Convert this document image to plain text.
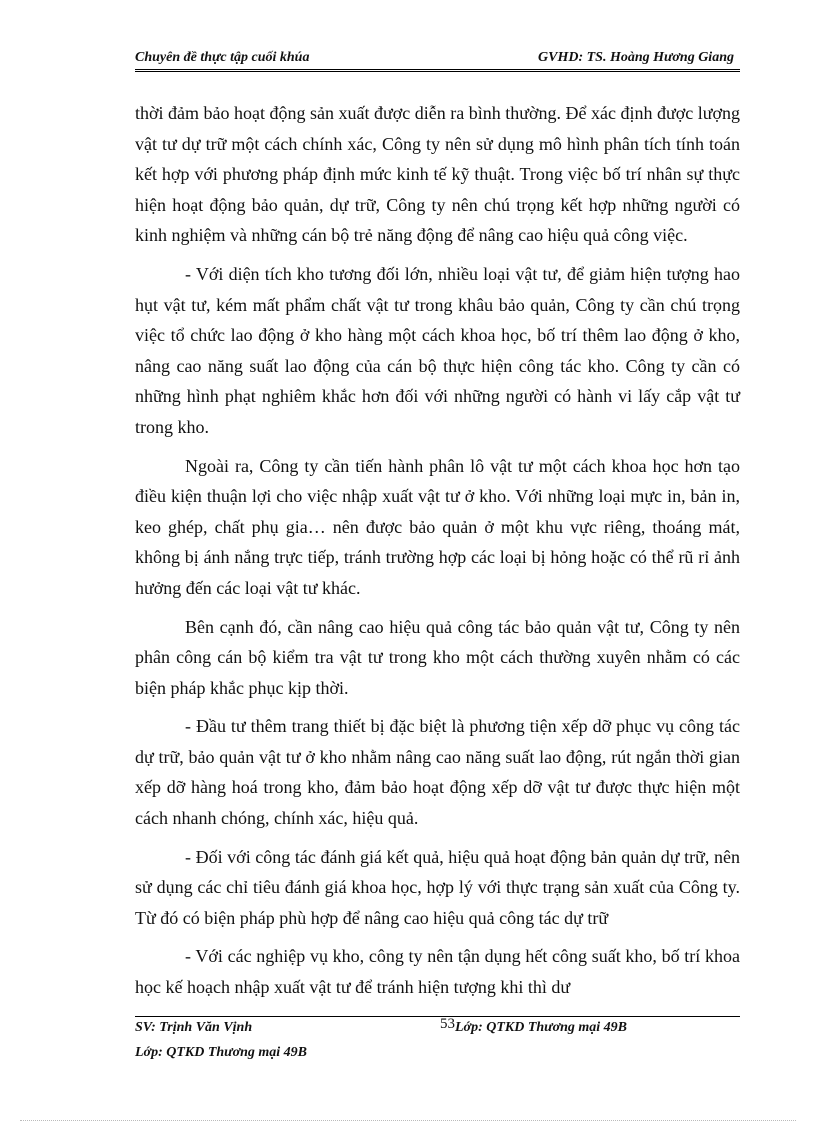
Chuyên đề thực tập cuối khúa	GVHD: TS. Hoàng Hương Giang

thời đảm bảo hoạt động sản xuất được diễn ra bình thường. Để xác định được lượng vật tư dự trữ một cách chính xác, Công ty nên sử dụng mô hình phân tích tính toán kết hợp với phương pháp định mức kinh tế kỹ thuật. Trong việc bố trí nhân sự thực hiện hoạt động bảo quản, dự trữ, Công ty nên chú trọng kết hợp những người có kinh nghiệm và những cán bộ trẻ năng động để nâng cao hiệu quả công việc.

- Với diện tích kho tương đối lớn, nhiều loại vật tư, để giảm hiện tượng hao hụt vật tư, kém mất phẩm chất vật tư trong khâu bảo quản, Công ty cần chú trọng việc tổ chức lao động ở kho hàng một cách khoa học, bố trí thêm lao động ở kho, nâng cao năng suất lao động của cán bộ thực hiện công tác kho. Công ty cần có những hình phạt nghiêm khắc hơn đối với những người có hành vi lấy cắp vật tư trong kho.

Ngoài ra, Công ty cần tiến hành phân lô vật tư một cách khoa học hơn tạo điều kiện thuận lợi cho việc nhập xuất vật tư ở kho. Với những loại mực in, bản in, keo ghép, chất phụ gia… nên được bảo quản ở một khu vực riêng, thoáng mát, không bị ánh nắng trực tiếp, tránh trường hợp các loại bị hỏng hoặc có thể rũ rỉ ảnh hưởng đến các loại vật tư khác.

Bên cạnh đó, cần nâng cao hiệu quả công tác bảo quản vật tư, Công ty nên phân công cán bộ kiểm tra vật tư trong kho một cách thường xuyên nhằm có các biện pháp khắc phục kịp thời.

- Đầu tư thêm trang thiết bị đặc biệt là phương tiện xếp dỡ phục vụ công tác dự trữ, bảo quản vật tư ở kho nhằm nâng cao năng suất lao động, rút ngắn thời gian xếp dỡ hàng hoá trong kho, đảm bảo hoạt động xếp dỡ vật tư được thực hiện một cách nhanh chóng, chính xác, hiệu quả.

- Đối với công tác đánh giá kết quả, hiệu quả hoạt động bản quản dự trữ, nên sử dụng các chỉ tiêu đánh giá khoa học, hợp lý với thực trạng sản xuất của Công ty. Từ đó có biện pháp phù hợp để nâng cao hiệu quả công tác dự trữ

- Với các nghiệp vụ kho, công ty nên tận dụng hết công suất kho, bố trí khoa học kế hoạch nhập xuất vật tư để tránh hiện tượng khi thì dư

SV: Trịnh Văn Vịnh	53 Lớp: QTKD Thương mại 49B
Lớp: QTKD Thương mại 49B
